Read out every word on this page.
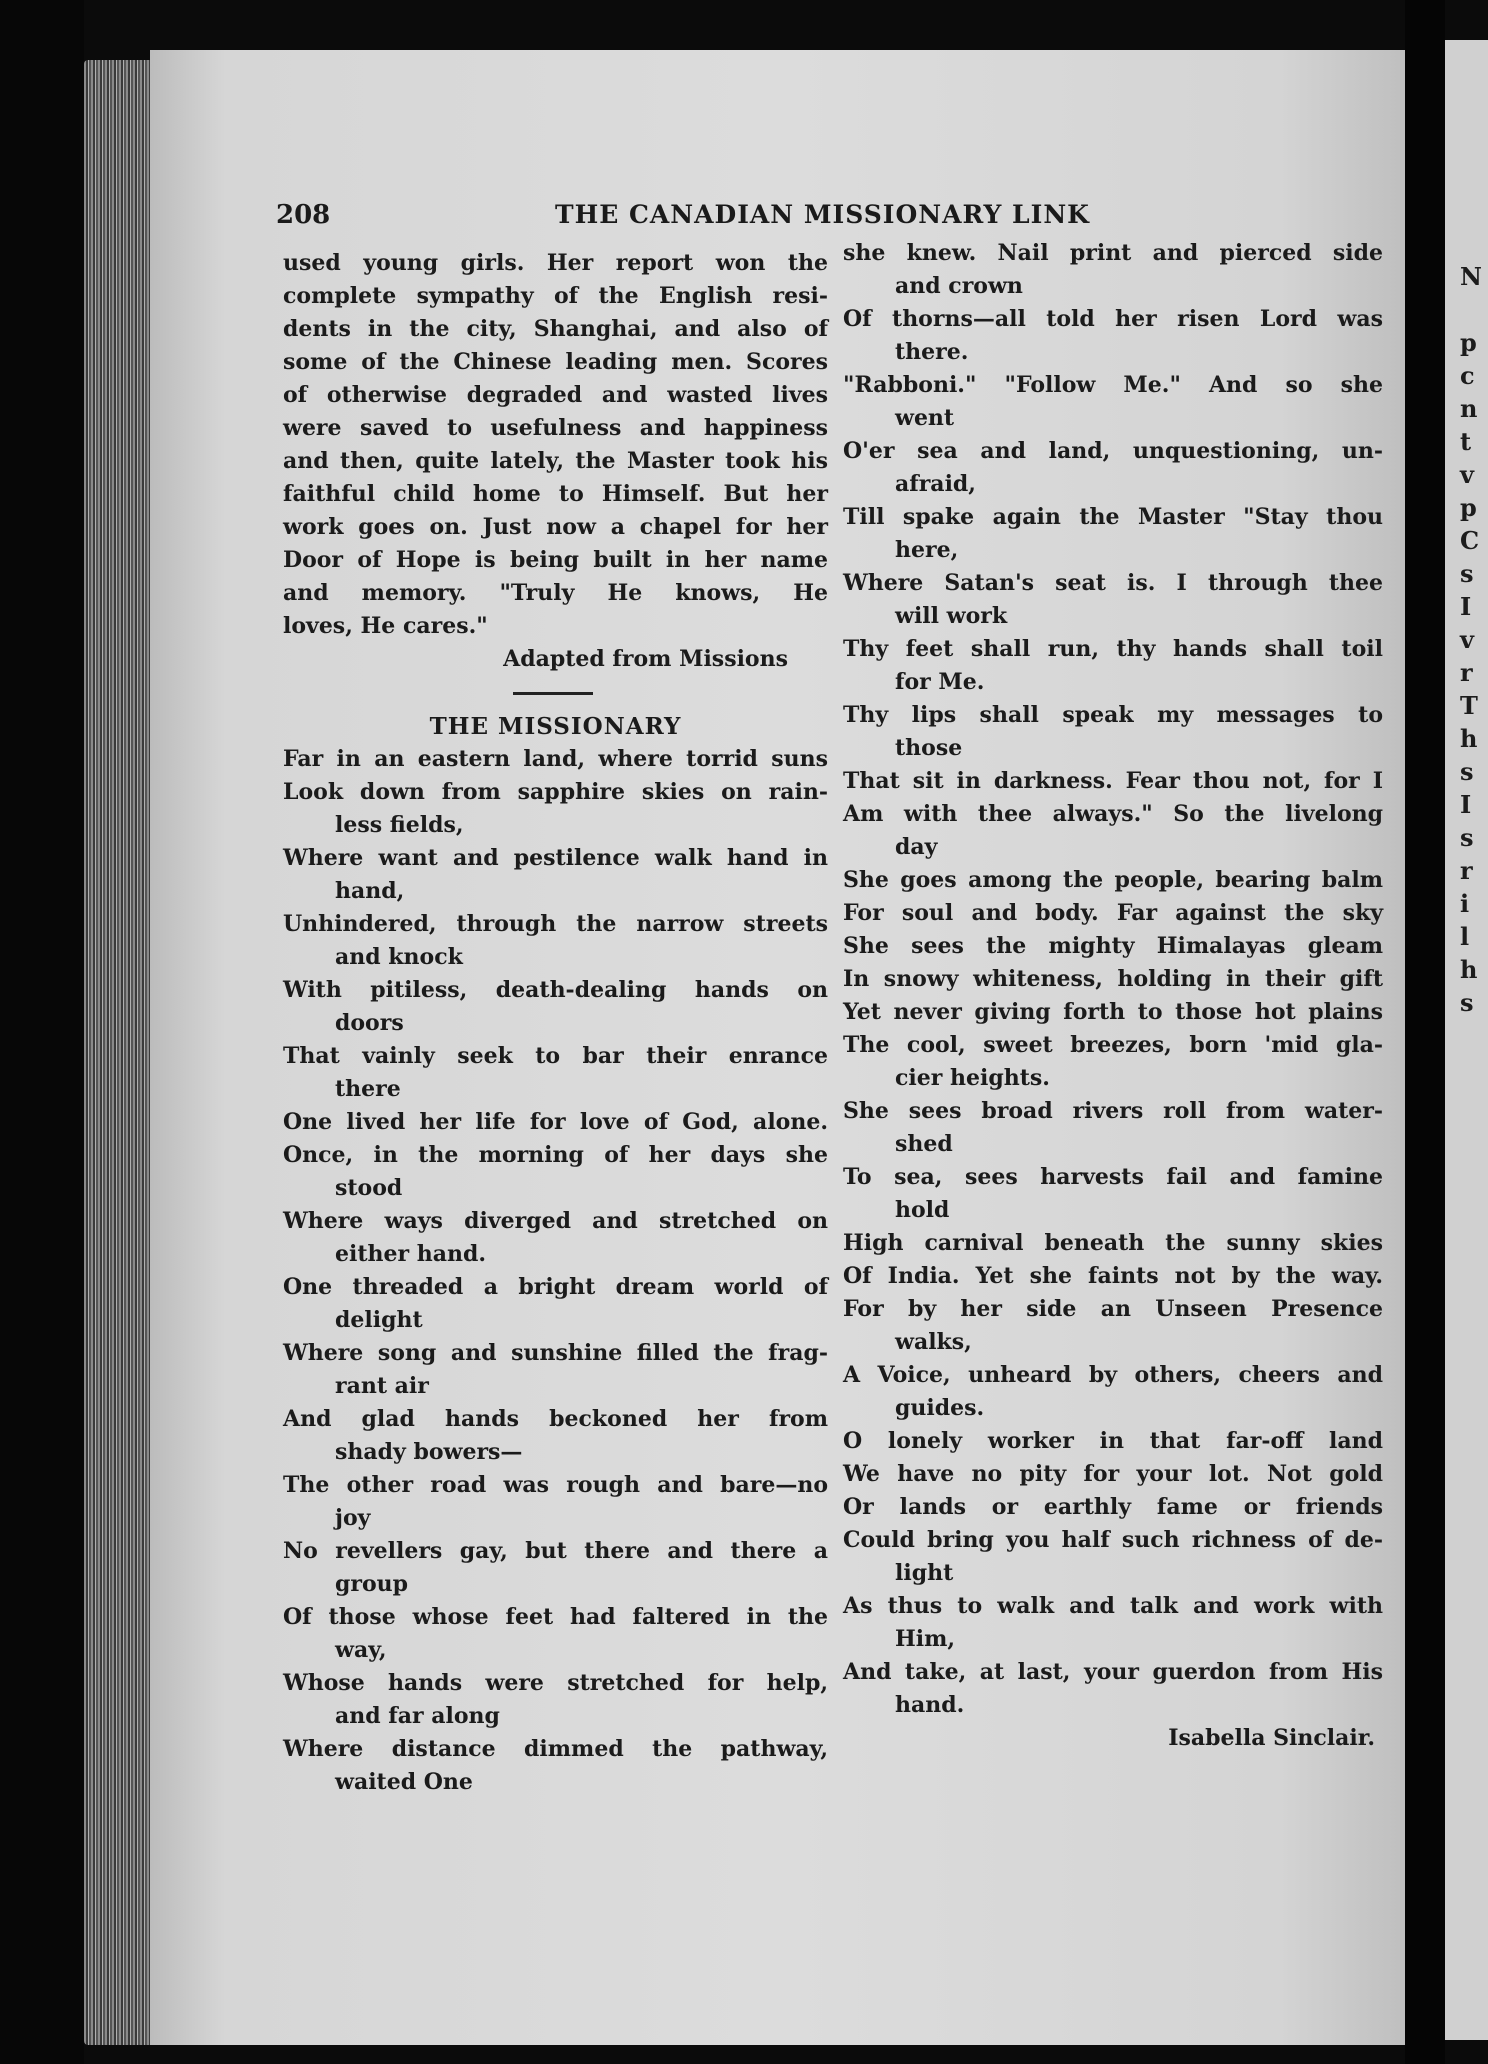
N
p
c
n
t
v
p
C
s
I
v
r
T
h
s
I
s
r
i
l
h
s
208	THE CANADIAN MISSIONARY LINK
used young girls. Her report won the
complete sympathy of the English resi-
dents in the city, Shanghai, and also of
some of the Chinese leading men. Scores
of otherwise degraded and wasted lives
were saved to usefulness and happiness
and then, quite lately, the Master took his
faithful child home to Himself. But her
work goes on. Just now a chapel for her
Door of Hope is being built in her name
and memory. "Truly He knows, He
loves, He cares."
Adapted from Missions
THE MISSIONARY
Far in an eastern land, where torrid suns
Look down from sapphire skies on rain-
less fields,
Where want and pestilence walk hand in
hand,
Unhindered, through the narrow streets
and knock
With pitiless, death-dealing hands on
doors
That vainly seek to bar their enrance
there
One lived her life for love of God, alone.
Once, in the morning of her days she
stood
Where ways diverged and stretched on
either hand.
One threaded a bright dream world of
delight
Where song and sunshine filled the frag-
rant air
And glad hands beckoned her from
shady bowers—
The other road was rough and bare—no
joy
No revellers gay, but there and there a
group
Of those whose feet had faltered in the
way,
Whose hands were stretched for help,
and far along
Where distance dimmed the pathway,
waited One
she knew. Nail print and pierced side
and crown
Of thorns—all told her risen Lord was
there.
"Rabboni." "Follow Me." And so she
went
O'er sea and land, unquestioning, un-
afraid,
Till spake again the Master "Stay thou
here,
Where Satan's seat is. I through thee
will work
Thy feet shall run, thy hands shall toil
for Me.
Thy lips shall speak my messages to
those
That sit in darkness. Fear thou not, for I
Am with thee always." So the livelong
day
She goes among the people, bearing balm
For soul and body. Far against the sky
She sees the mighty Himalayas gleam
In snowy whiteness, holding in their gift
Yet never giving forth to those hot plains
The cool, sweet breezes, born 'mid gla-
cier heights.
She sees broad rivers roll from water-
shed
To sea, sees harvests fail and famine
hold
High carnival beneath the sunny skies
Of India. Yet she faints not by the way.
For by her side an Unseen Presence
walks,
A Voice, unheard by others, cheers and
guides.
O lonely worker in that far-off land
We have no pity for your lot. Not gold
Or lands or earthly fame or friends
Could bring you half such richness of de-
light
As thus to walk and talk and work with
Him,
And take, at last, your guerdon from His
hand.
Isabella Sinclair.
